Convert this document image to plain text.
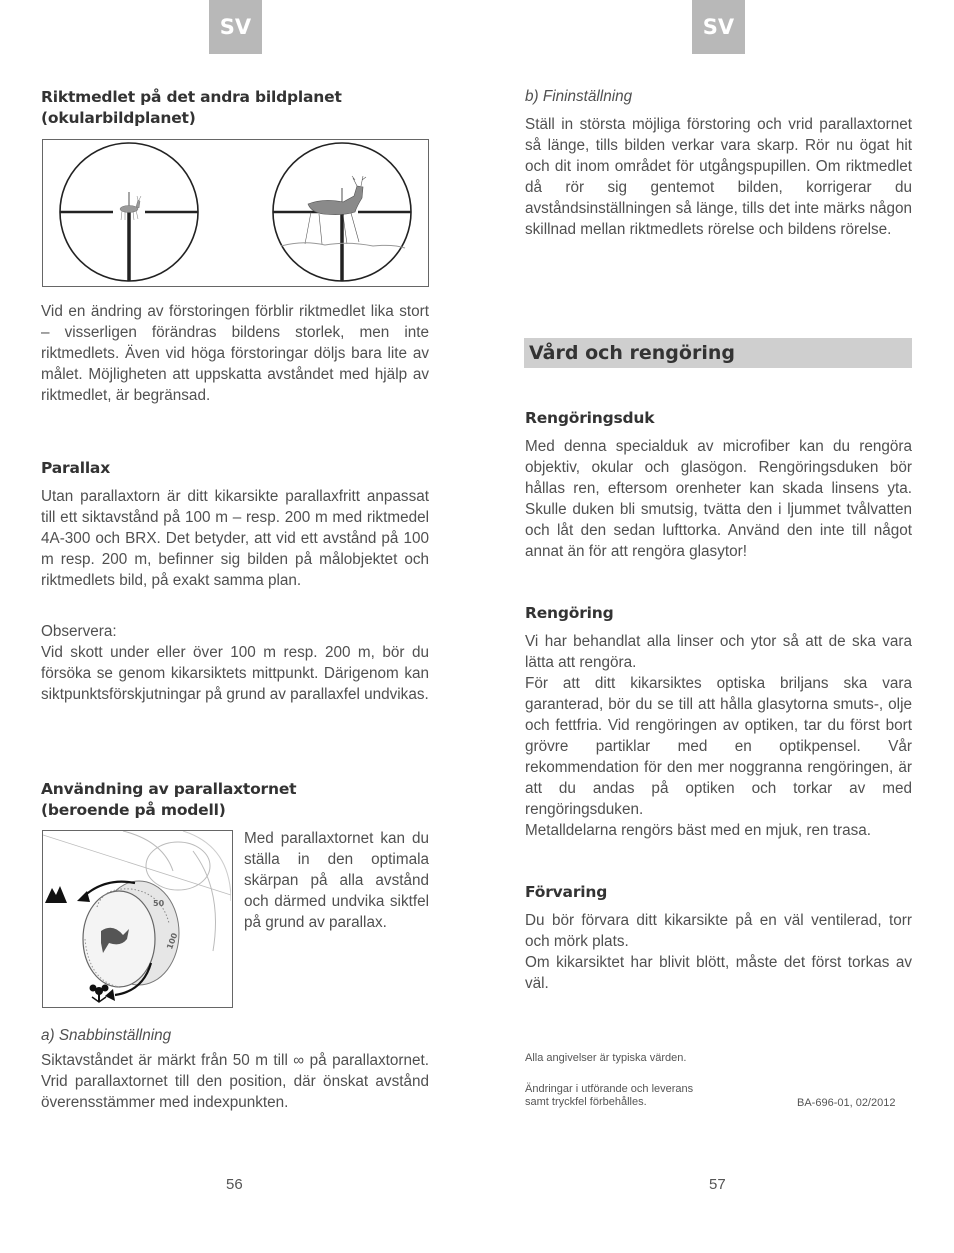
SV
Riktmedlet på det andra bildplanet
(okularbildplanet)
Vid en ändring av förstoringen förblir riktmedlet lika stort – visserligen förändras bildens storlek, men inte riktmedlets. Även vid höga förstoringar döljs bara lite av målet. Möjligheten att uppskatta avståndet med hjälp av riktmedlet, är begränsad.
Parallax
Utan parallaxtorn är ditt kikarsikte parallaxfritt anpassat till ett siktavstånd på 100 m – resp. 200 m med riktmedel 4A-300 och BRX. Det betyder, att vid ett avstånd på 100 m resp. 200 m, befinner sig bilden på målobjektet och riktmedlets bild, på exakt samma plan.
Observera:
Vid skott under eller över 100 m resp. 200 m, bör du försöka se genom kikarsiktets mittpunkt. Därigenom kan siktpunktsförskjutningar på grund av parallaxfel undvikas.
Användning av parallaxtornet
(beroende på modell)
50
100
Med parallaxtornet kan du ställa in den optimala skärpan på alla avstånd och därmed undvika siktfel på grund av parallax.
a) Snabbinställning
Siktavståndet är märkt från 50 m till ∞ på parallaxtornet. Vrid parallaxtornet till den position, där önskat avstånd överensstämmer med indexpunkten.
56
SV
b) Fininställning
Ställ in största möjliga förstoring och vrid parallaxtornet så länge, tills bilden verkar vara skarp. Rör nu ögat hit och dit inom området för utgångspupillen. Om riktmedlet då rör sig gentemot bilden, korrigerar du avståndsinställningen så länge, tills det inte märks någon skillnad mellan riktmedlets rörelse och bildens rörelse.
Vård och rengöring
Rengöringsduk
Med denna specialduk av microfiber kan du rengöra objektiv, okular och glasögon. Rengöringsduken bör hållas ren, eftersom orenheter kan skada linsens yta. Skulle duken bli smutsig, tvätta den i ljummet tvålvatten och låt den sedan lufttorka. Använd den inte till något annat än för att rengöra glasytor!
Rengöring
Vi har behandlat alla linser och ytor så att de ska vara lätta att rengöra.
För att ditt kikarsiktes optiska briljans ska vara garanterad, bör du se till att hålla glasytorna smuts-, olje och fettfria. Vid rengöringen av optiken, tar du först bort grövre partiklar med en optikpensel. Vår rekommendation för den mer noggranna rengöringen, är att du andas på optiken och torkar av med rengöringsduken.
Metalldelarna rengörs bäst med en mjuk, ren trasa.
Förvaring
Du bör förvara ditt kikarsikte på en väl ventilerad, torr och mörk plats.
Om kikarsiktet har blivit blött, måste det först torkas av väl.
Alla angivelser är typiska värden.
Ändringar i utförande och leverans
samt tryckfel förbehålles.	BA-696-01, 02/2012
57
